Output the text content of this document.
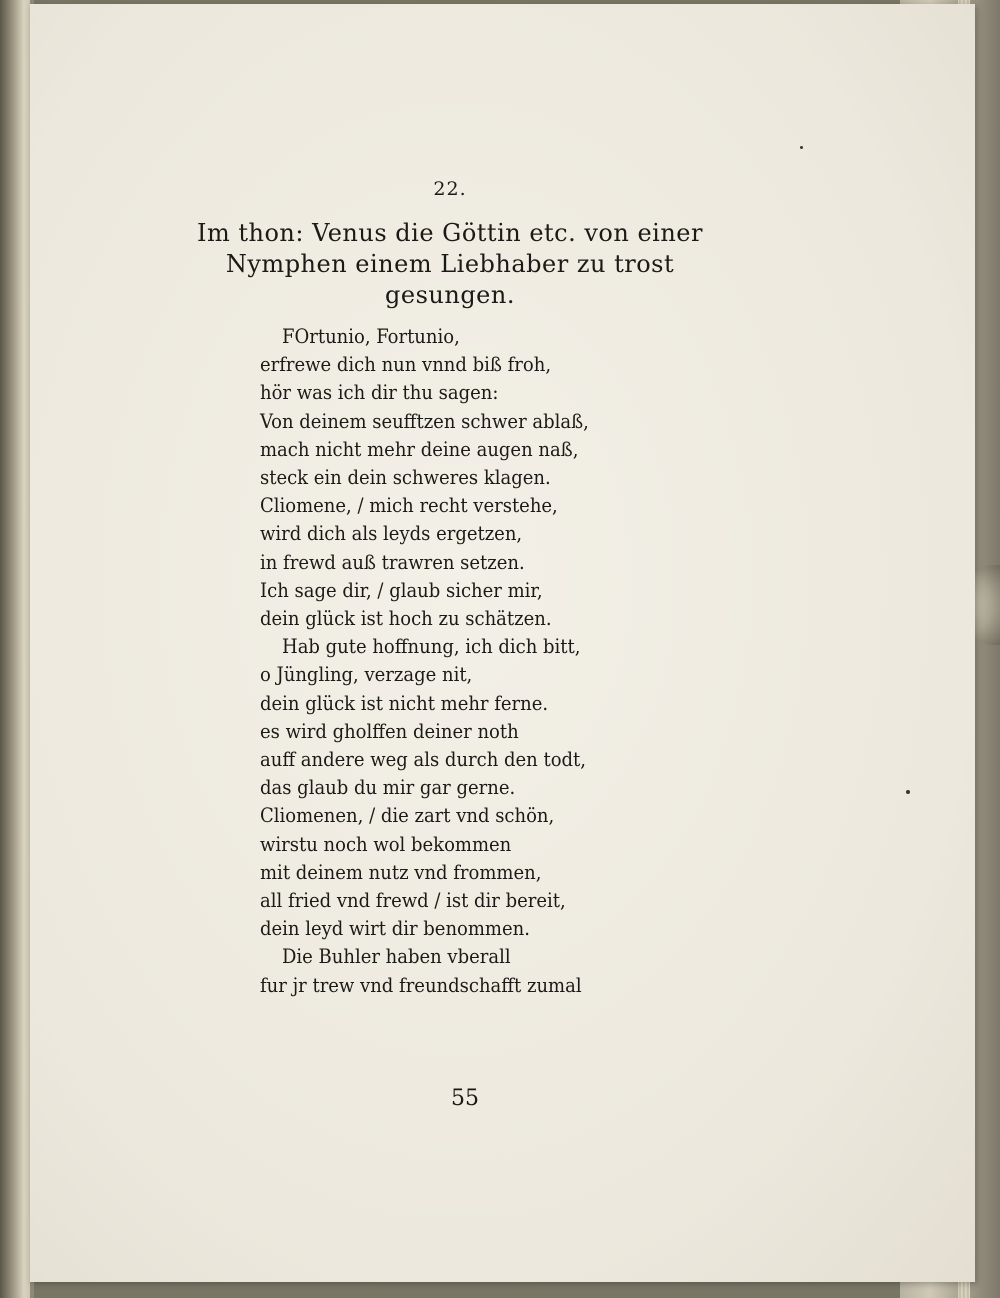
22.
Im thon: Venus die Göttin etc. von einer
Nymphen einem Liebhaber zu trost
gesungen.
FOrtunio, Fortunio,
erfrewe dich nun vnnd biß froh,
hör was ich dir thu sagen:
Von deinem seufftzen schwer ablaß,
mach nicht mehr deine augen naß,
steck ein dein schweres klagen.
Cliomene, / mich recht verstehe,
wird dich als leyds ergetzen,
in frewd auß trawren setzen.
Ich sage dir, / glaub sicher mir,
dein glück ist hoch zu schätzen.
Hab gute hoffnung, ich dich bitt,
o Jüngling, verzage nit,
dein glück ist nicht mehr ferne.
es wird gholffen deiner noth
auff andere weg als durch den todt,
das glaub du mir gar gerne.
Cliomenen, / die zart vnd schön,
wirstu noch wol bekommen
mit deinem nutz vnd frommen,
all fried vnd frewd / ist dir bereit,
dein leyd wirt dir benommen.
Die Buhler haben vberall
fur jr trew vnd freundschafft zumal
55
